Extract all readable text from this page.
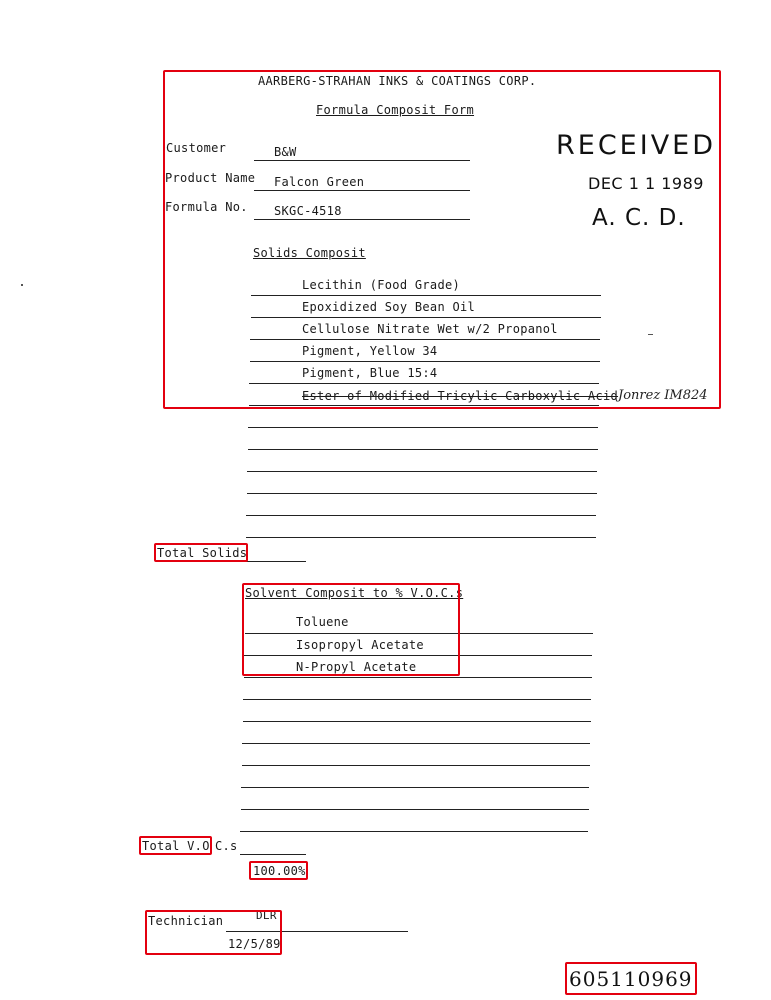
AARBERG-STRAHAN INKS & COATINGS CORP.
Formula Composit Form
Customer	B&W
Product Name Falcon Green
Formula No. SKGC-4518
RECEIVED
DEC 1 1 1989
A. C. D.
Solids Composit
Lecithin (Food Grade)
Epoxidized Soy Bean Oil
Cellulose Nitrate Wet w/2 Propanol
Pigment, Yellow 34
Pigment, Blue 15:4
Ester of Modified Tricylic Carboxylic Acid Jonrez IM824
Total Solids
Solvent Composit to % V.O.C.s
Toluene
Isopropyl Acetate
N-Propyl Acetate
Total V.O C.s
100.00%
Technician	DLR
12/5/89
605110969
